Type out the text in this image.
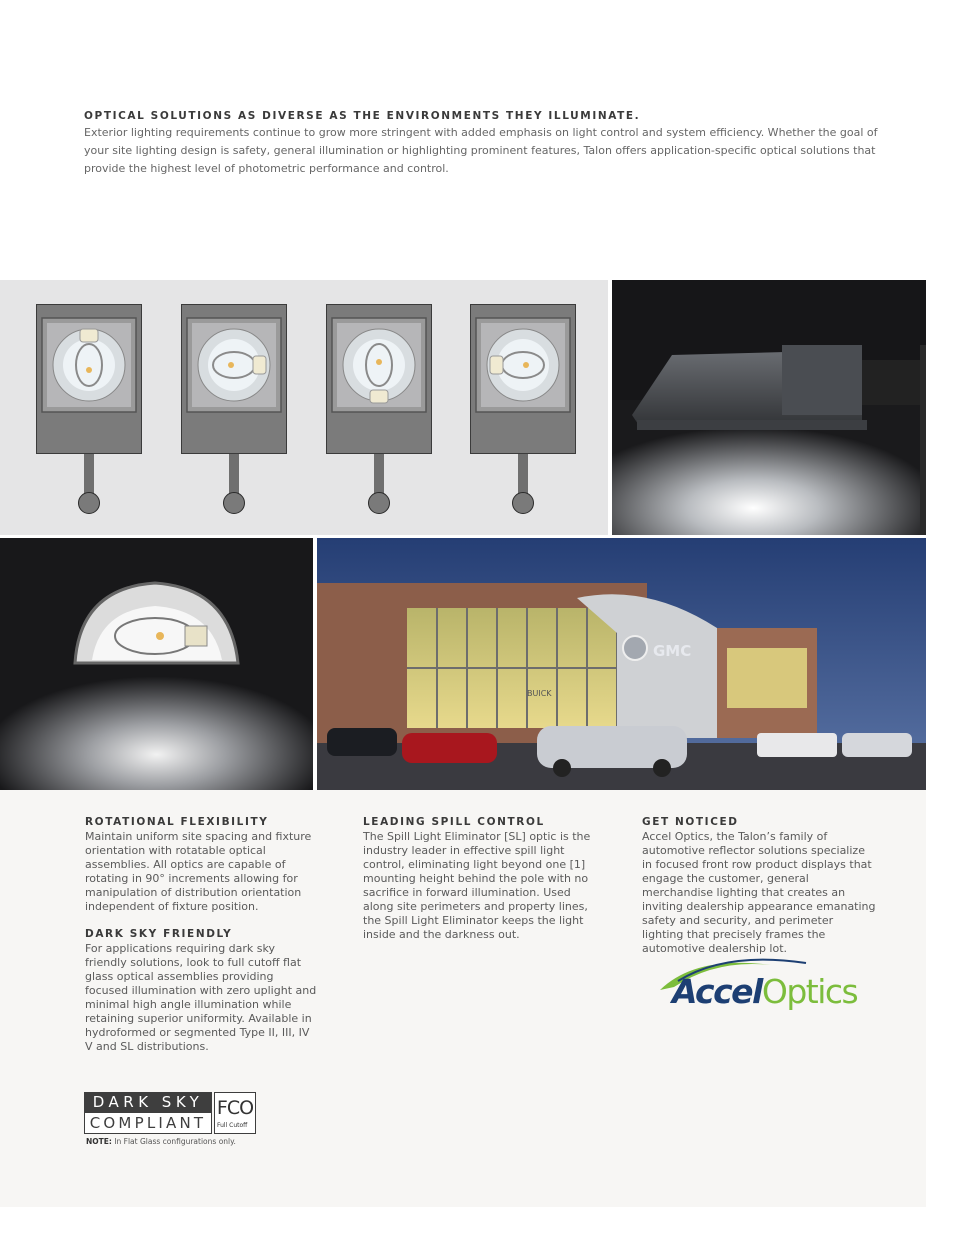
OPTICAL SOLUTIONS AS DIVERSE AS THE ENVIRONMENTS THEY ILLUMINATE.
Exterior lighting requirements continue to grow more stringent with added emphasis on light control and system efficiency. Whether the goal of your site lighting design is safety, general illumination or highlighting prominent features, Talon offers application-specific optical solutions that provide the highest level of photometric performance and control.
GMC
BUICK
ROTATIONAL FLEXIBILITY

Maintain uniform site spacing and fixture orientation with rotatable optical assemblies. All optics are capable of rotating in 90° increments allowing for manipulation of distribution orientation independent of fixture position.

DARK SKY FRIENDLY

For applications requiring dark sky friendly solutions, look to full cutoff flat glass optical assemblies providing focused illumination with zero uplight and minimal high angle illumination while retaining superior uniformity. Available in hydroformed or segmented Type II, III, IV V and SL distributions.

LEADING SPILL CONTROL

The Spill Light Eliminator [SL] optic is the industry leader in effective spill light control, eliminating light beyond one [1] mounting height behind the pole with no sacrifice in forward illumination. Used along site perimeters and property lines, the Spill Light Eliminator keeps the light inside and the darkness out.

GET NOTICED

Accel Optics, the Talon’s family of automotive reflector solutions specialize in focused front row product displays that engage the customer, general merchandise lighting that creates an inviting dealership appearance emanating safety and security, and perimeter lighting that precisely frames the automotive dealership lot.

AccelOptics
DARK SKY
COMPLIANT
FCO
Full Cutoff
NOTE: In Flat Glass configurations only.
